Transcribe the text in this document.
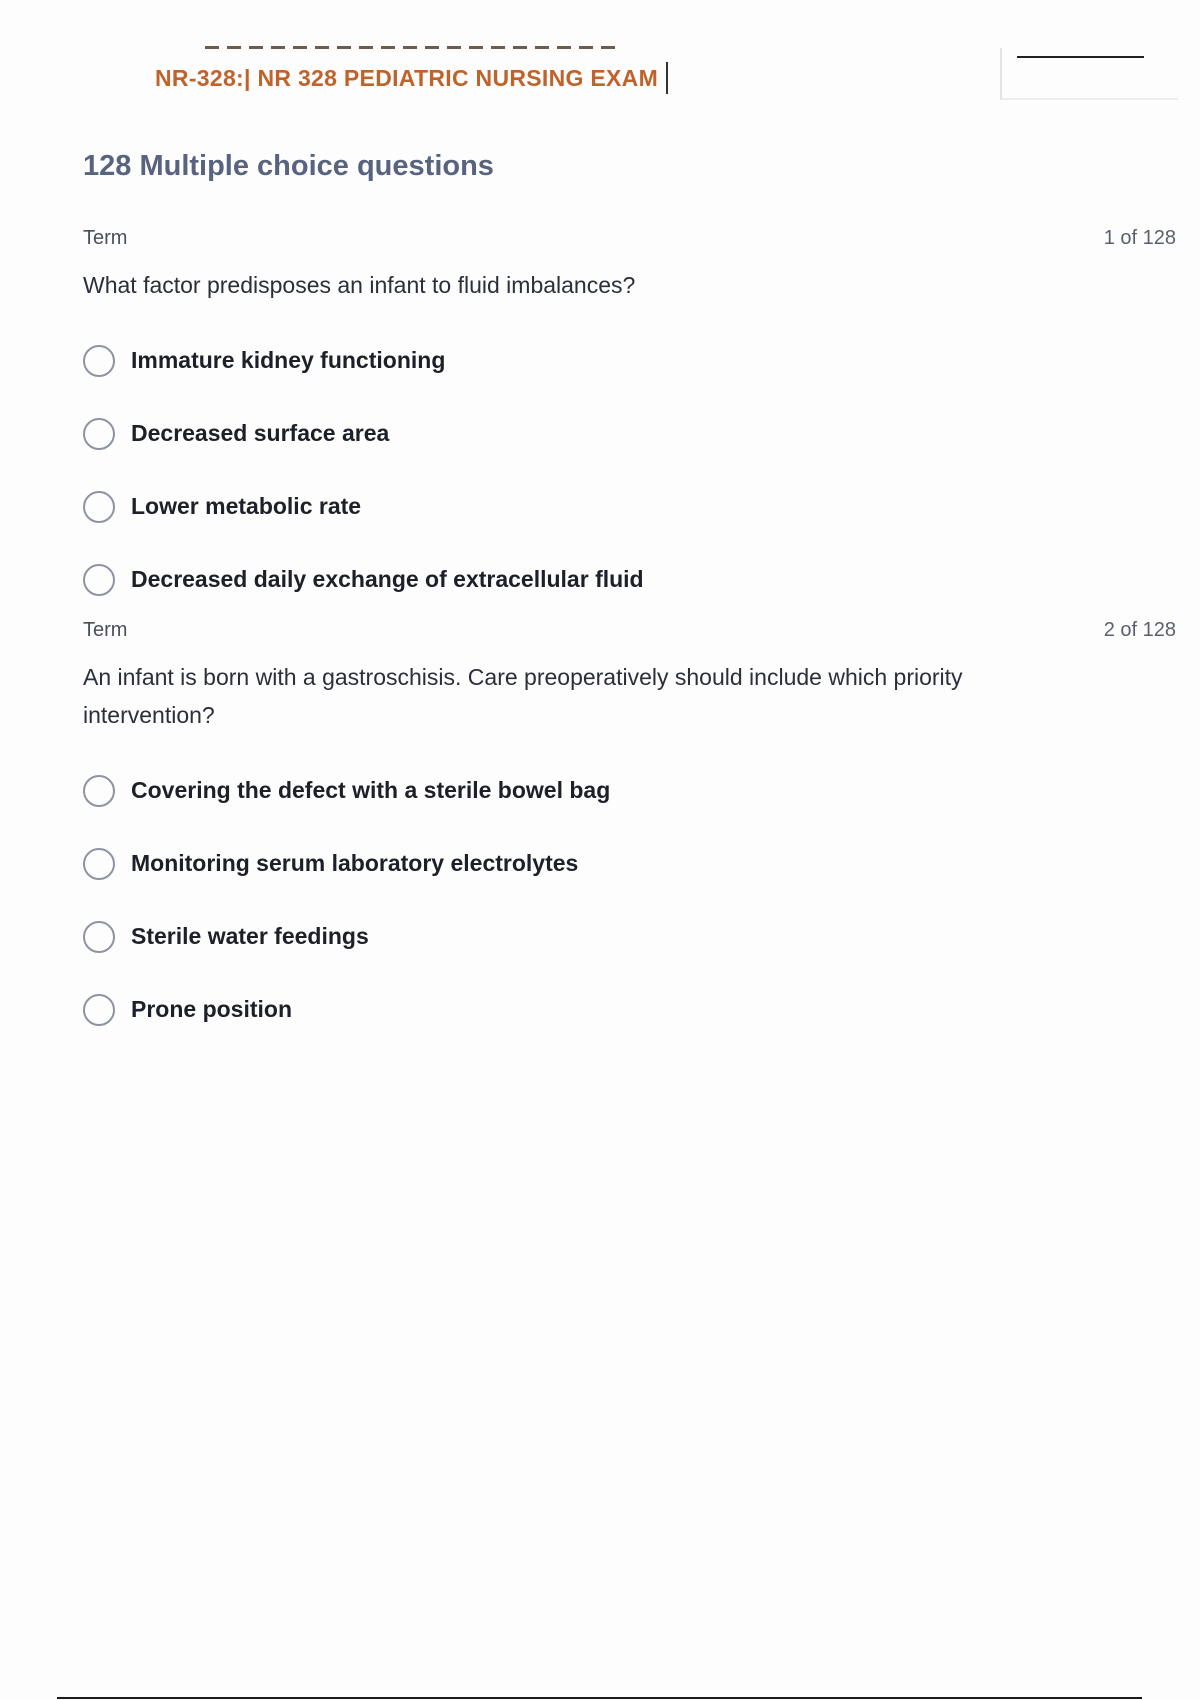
NR-328:| NR 328 PEDIATRIC NURSING EXAM
128 Multiple choice questions
Term	1 of 128
What factor predisposes an infant to fluid imbalances?
Immature kidney functioning
Decreased surface area
Lower metabolic rate
Decreased daily exchange of extracellular fluid
Term	2 of 128
An infant is born with a gastroschisis. Care preoperatively should include which priority intervention?
Covering the defect with a sterile bowel bag
Monitoring serum laboratory electrolytes
Sterile water feedings
Prone position
